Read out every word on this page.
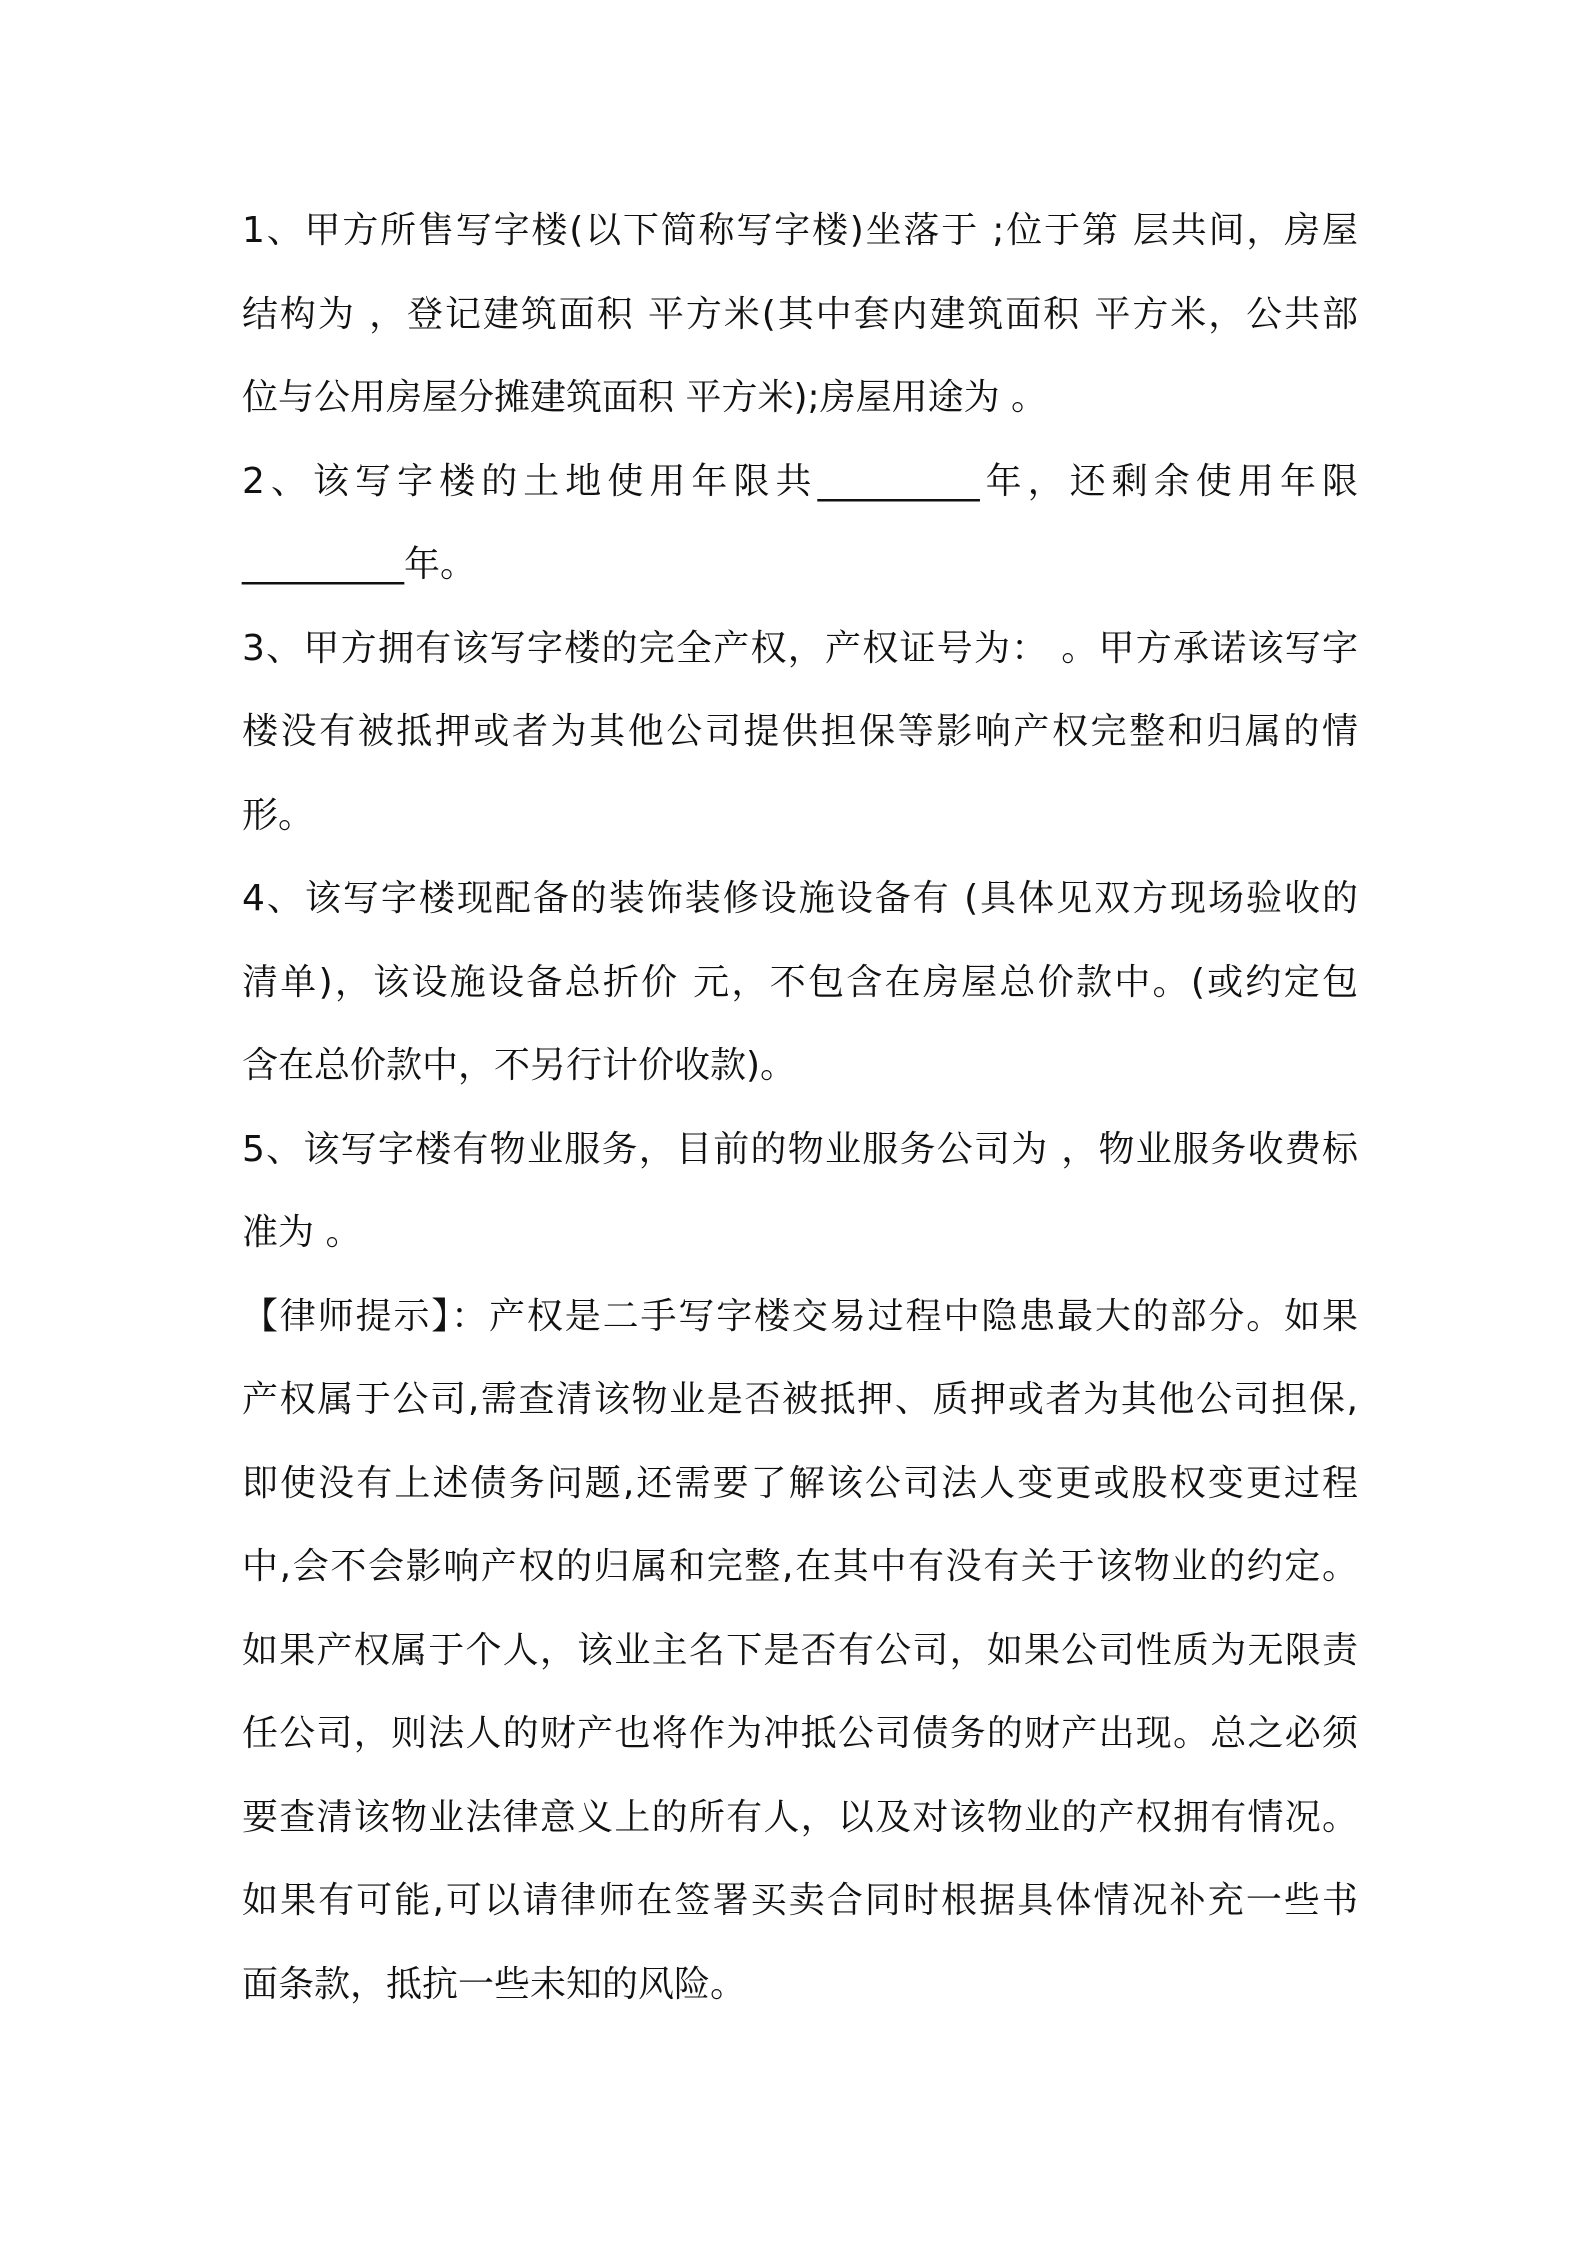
1、甲方所售写字楼(以下简称写字楼)坐落于 ;位于第 层共间，房屋
结构为 ，登记建筑面积 平方米(其中套内建筑面积 平方米，公共部
位与公用房屋分摊建筑面积 平方米);房屋用途为 。
2、该写字楼的土地使用年限共_________年，还剩余使用年限
_________年。
3、甲方拥有该写字楼的完全产权，产权证号为： 。甲方承诺该写字
楼没有被抵押或者为其他公司提供担保等影响产权完整和归属的情
形。
4、该写字楼现配备的装饰装修设施设备有 (具体见双方现场验收的
清单)，该设施设备总折价 元，不包含在房屋总价款中。(或约定包
含在总价款中，不另行计价收款)。
5、该写字楼有物业服务，目前的物业服务公司为 ，物业服务收费标
准为 。
【律师提示】：产权是二手写字楼交易过程中隐患最大的部分。如果
产权属于公司,需查清该物业是否被抵押、质押或者为其他公司担保,
即使没有上述债务问题,还需要了解该公司法人变更或股权变更过程
中,会不会影响产权的归属和完整,在其中有没有关于该物业的约定。
如果产权属于个人，该业主名下是否有公司，如果公司性质为无限责
任公司，则法人的财产也将作为冲抵公司债务的财产出现。总之必须
要查清该物业法律意义上的所有人，以及对该物业的产权拥有情况。
如果有可能,可以请律师在签署买卖合同时根据具体情况补充一些书
面条款，抵抗一些未知的风险。
